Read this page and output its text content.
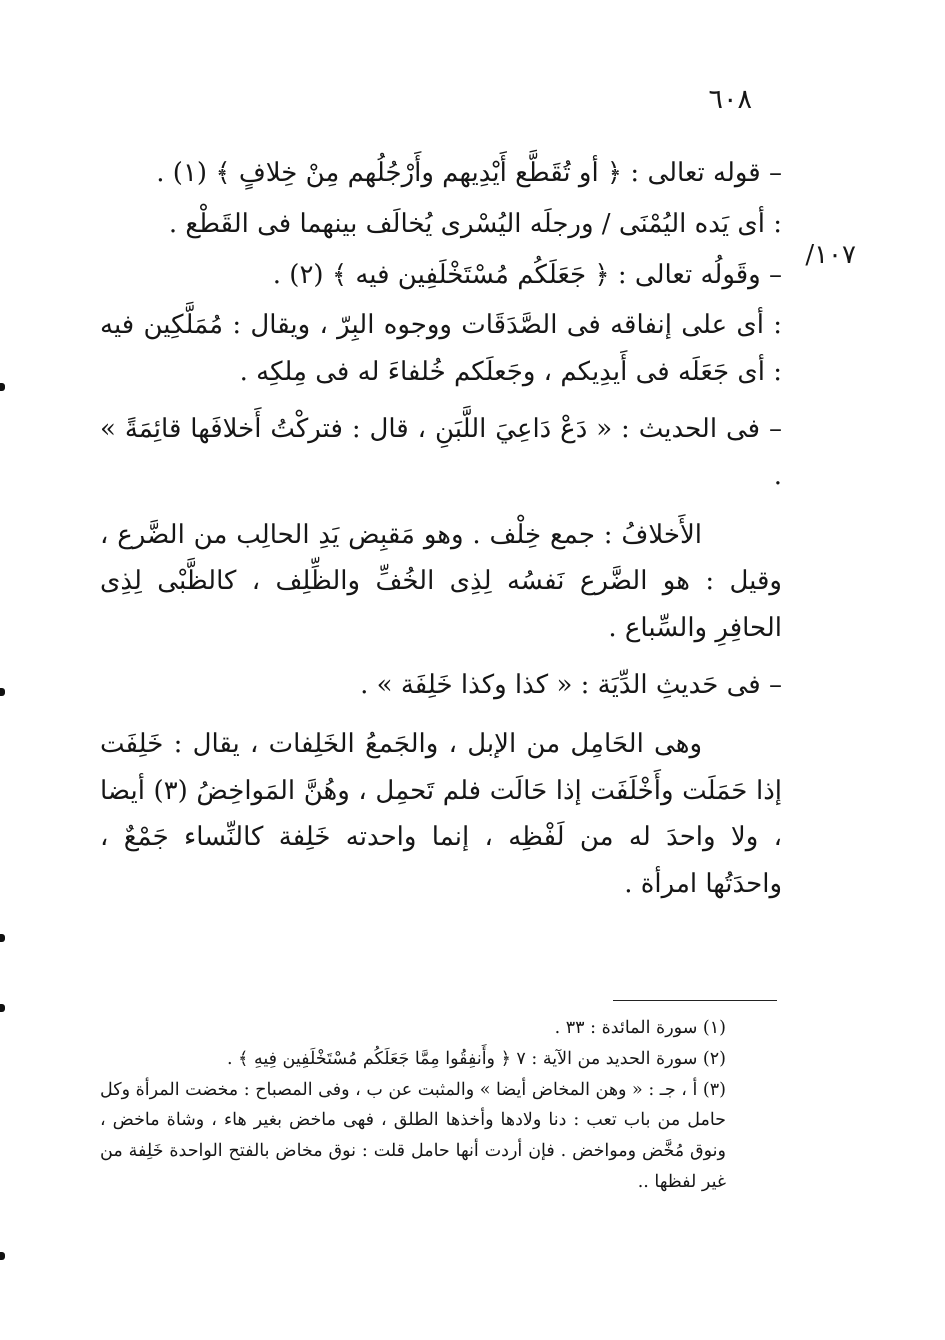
٦٠٨
١٠٧/

– قوله تعالى : ﴿ أو تُقَطَّع أَيْدِيهم وأَرْجُلُهم مِنْ خِلافٍ ﴾ (١) .

: أى يَده اليُمْنَى / ورجلَه اليُسْرى يُخالَف بينهما فى القَطْع .

– وقَولُه تعالى : ﴿ جَعَلَكُم مُسْتَخْلَفِين فيه ﴾ (٢) .

: أى على إنفاقه فى الصَّدَقَات ووجوه البِرّ ، ويقال : مُمَلَّكِين فيه : أى جَعَلَه فى أَيدِيكم ، وجَعلَكم خُلفاءَ له فى مِلكِه .

– فى الحديث : « دَعْ دَاعِيَ اللَّبَنِ ، قال : فتركْتُ أَخلافَها قائِمَةً » .

الأَخلافُ : جمع خِلْف . وهو مَقبِض يَدِ الحالِب من الضَّرع ، وقيل : هو الضَّرع نَفسُه لِذِى الخُفِّ والظِّلِف ، كالظَّبْى لِذِى الحافِرِ والسِّباع .

– فى حَديثِ الدِّيَة : « كذا وكذا خَلِفَة » .

وهى الحَامِل من الإبل ، والجَمعُ الخَلِفات ، يقال : خَلِفَت إذا حَمَلَت وأَخْلَفَت إذا حَالَت فلم تَحمِل ، وهُنَّ المَواخِضُ (٣) أيضا ، ولا واحدَ له من لَفْظِه ، إنما واحدته خَلِفة كالنِّساء جَمْعٌ ، واحدَتُها امرأة .

(١) سورة المائدة : ٣٣ .

(٢) سورة الحديد من الآية : ٧ ﴿ وأَنفِقُوا مِمَّا جَعَلَكُم مُسْتَخْلَفِين فِيهِ ﴾ .

(٣) أ ، جـ : « وهن المخاض أيضا » والمثبت عن ب ، وفى المصباح : مخضت المرأة وكل حامل من باب تعب : دنا ولادها وأخذها الطلق ، فهى ماخض بغير هاء ، وشاة ماخض ، ونوق مُخَّض ومواخض . فإن أردت أنها حامل قلت : نوق مخاض بالفتح الواحدة خَلِفة من غير لفظها ..
